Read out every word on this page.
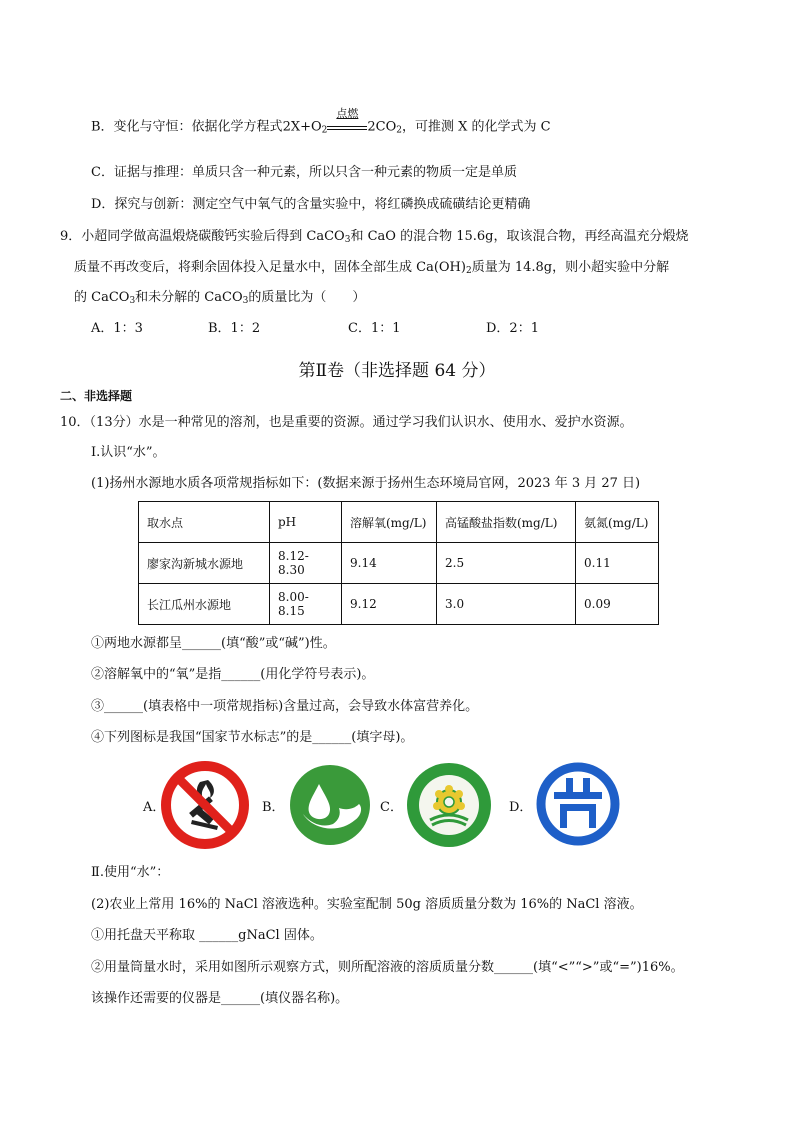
B．变化与守恒：依据化学方程式$2X+O_2$
点燃
$2CO_2$，可推测 X 的化学式为 C
C．证据与推理：单质只含一种元素，所以只含一种元素的物质一定是单质
D．探究与创新：测定空气中氧气的含量实验中，将红磷换成硫磺结论更精确
9．小超同学做高温煅烧碳酸钙实验后得到 CaCO$_3$和 CaO 的混合物 15.6g，取该混合物，再经高温充分煅烧
质量不再改变后，将剩余固体投入足量水中，固体全部生成 $Ca(OH)_2$质量为 14.8g，则小超实验中分解
的 CaCO$_3$和未分解的 CaCO$_3$的质量比为（　　）
A．1：3	B．1：2	C．1：1	D．2：1
第Ⅱ卷（非选择题 64 分）
二、非选择题
10．（13分）水是一种常见的溶剂，也是重要的资源。通过学习我们认识水、使用水、爱护水资源。
Ⅰ.认识“水”。
(1)扬州水源地水质各项常规指标如下：(数据来源于扬州生态环境局官网，2023 年 3 月 27 日)
取水点	pH	溶解氧(mg/L)	高锰酸盐指数(mg/L)	氨氮(mg/L)
廖家沟新城水源地	8.12-8.30	9.14	2.5	0.11
长江瓜州水源地	8.00-8.15	9.12	3.0	0.09
①两地水源都呈______(填“酸”或“碱”)性。
②溶解氧中的“氧”是指______(用化学符号表示)。
③______(填表格中一项常规指标)含量过高，会导致水体富营养化。
④下列图标是我国“国家节水标志”的是______(填字母)。
A．	B．	C．	D．
Ⅱ.使用“水”：
(2)农业上常用 16%的 NaCl 溶液选种。实验室配制 50g 溶质质量分数为 16%的 NaCl 溶液。
①用托盘天平称取 ______gNaCl 固体。
②用量筒量水时，采用如图所示观察方式，则所配溶液的溶质质量分数______(填“<”“>”或“=”)16%。
该操作还需要的仪器是______(填仪器名称)。
